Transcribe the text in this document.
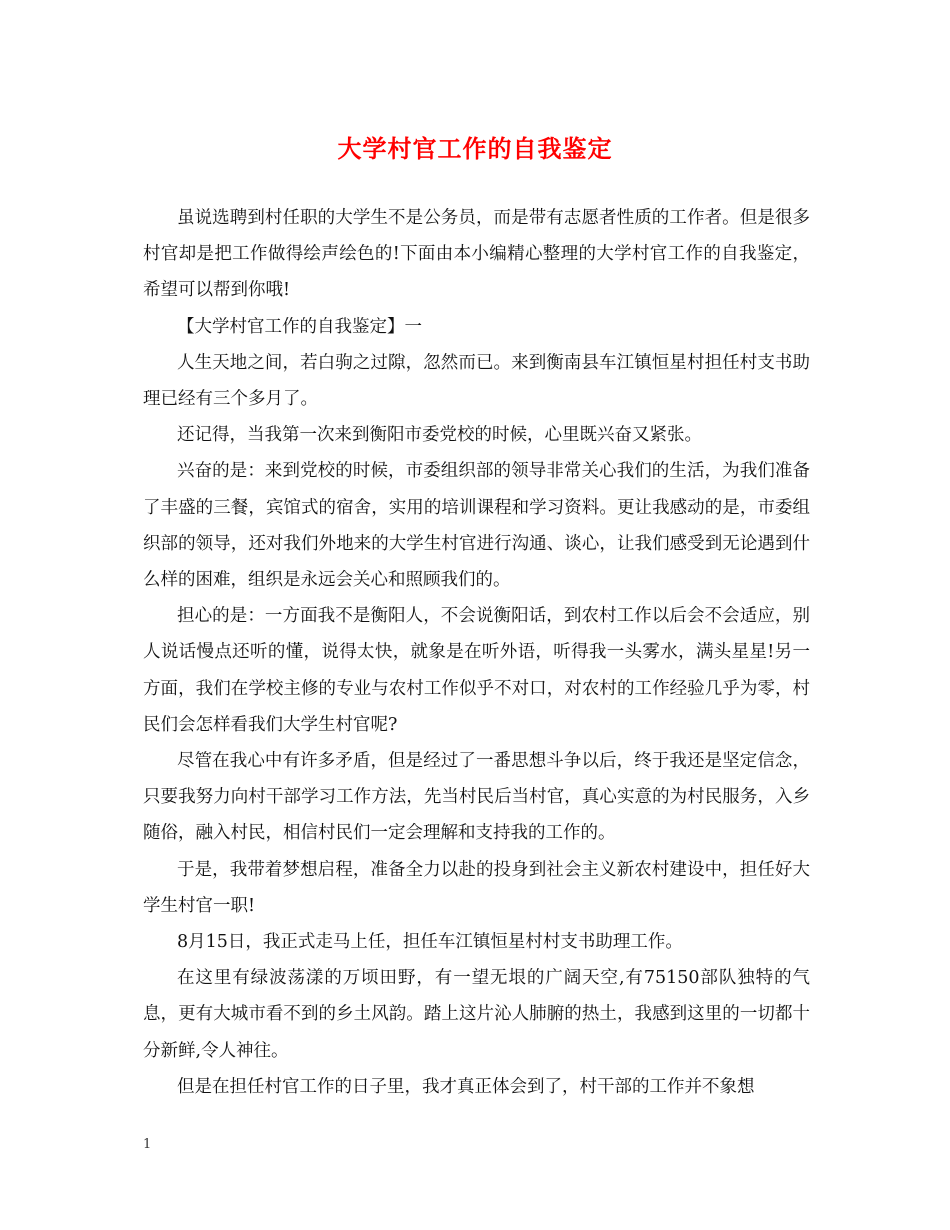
大学村官工作的自我鉴定

虽说选聘到村任职的大学生不是公务员，而是带有志愿者性质的工作者。但是很多村官却是把工作做得绘声绘色的!下面由本小编精心整理的大学村官工作的自我鉴定，希望可以帮到你哦!

【大学村官工作的自我鉴定】一

人生天地之间，若白驹之过隙，忽然而已。来到衡南县车江镇恒星村担任村支书助理已经有三个多月了。

还记得，当我第一次来到衡阳市委党校的时候，心里既兴奋又紧张。

兴奋的是：来到党校的时候，市委组织部的领导非常关心我们的生活，为我们准备了丰盛的三餐，宾馆式的宿舍，实用的培训课程和学习资料。更让我感动的是，市委组织部的领导，还对我们外地来的大学生村官进行沟通、谈心，让我们感受到无论遇到什么样的困难，组织是永远会关心和照顾我们的。

担心的是：一方面我不是衡阳人，不会说衡阳话，到农村工作以后会不会适应，别人说话慢点还听的懂，说得太快，就象是在听外语，听得我一头雾水，满头星星!另一方面，我们在学校主修的专业与农村工作似乎不对口，对农村的工作经验几乎为零，村民们会怎样看我们大学生村官呢?

尽管在我心中有许多矛盾，但是经过了一番思想斗争以后，终于我还是坚定信念，只要我努力向村干部学习工作方法，先当村民后当村官，真心实意的为村民服务，入乡随俗，融入村民，相信村民们一定会理解和支持我的工作的。

于是，我带着梦想启程，准备全力以赴的投身到社会主义新农村建设中，担任好大学生村官一职!

8月15日，我正式走马上任，担任车江镇恒星村村支书助理工作。

在这里有绿波荡漾的万顷田野，有一望无垠的广阔天空,有75150部队独特的气息，更有大城市看不到的乡土风韵。踏上这片沁人肺腑的热土，我感到这里的一切都十分新鲜,令人神往。

但是在担任村官工作的日子里，我才真正体会到了，村干部的工作并不象想

1
